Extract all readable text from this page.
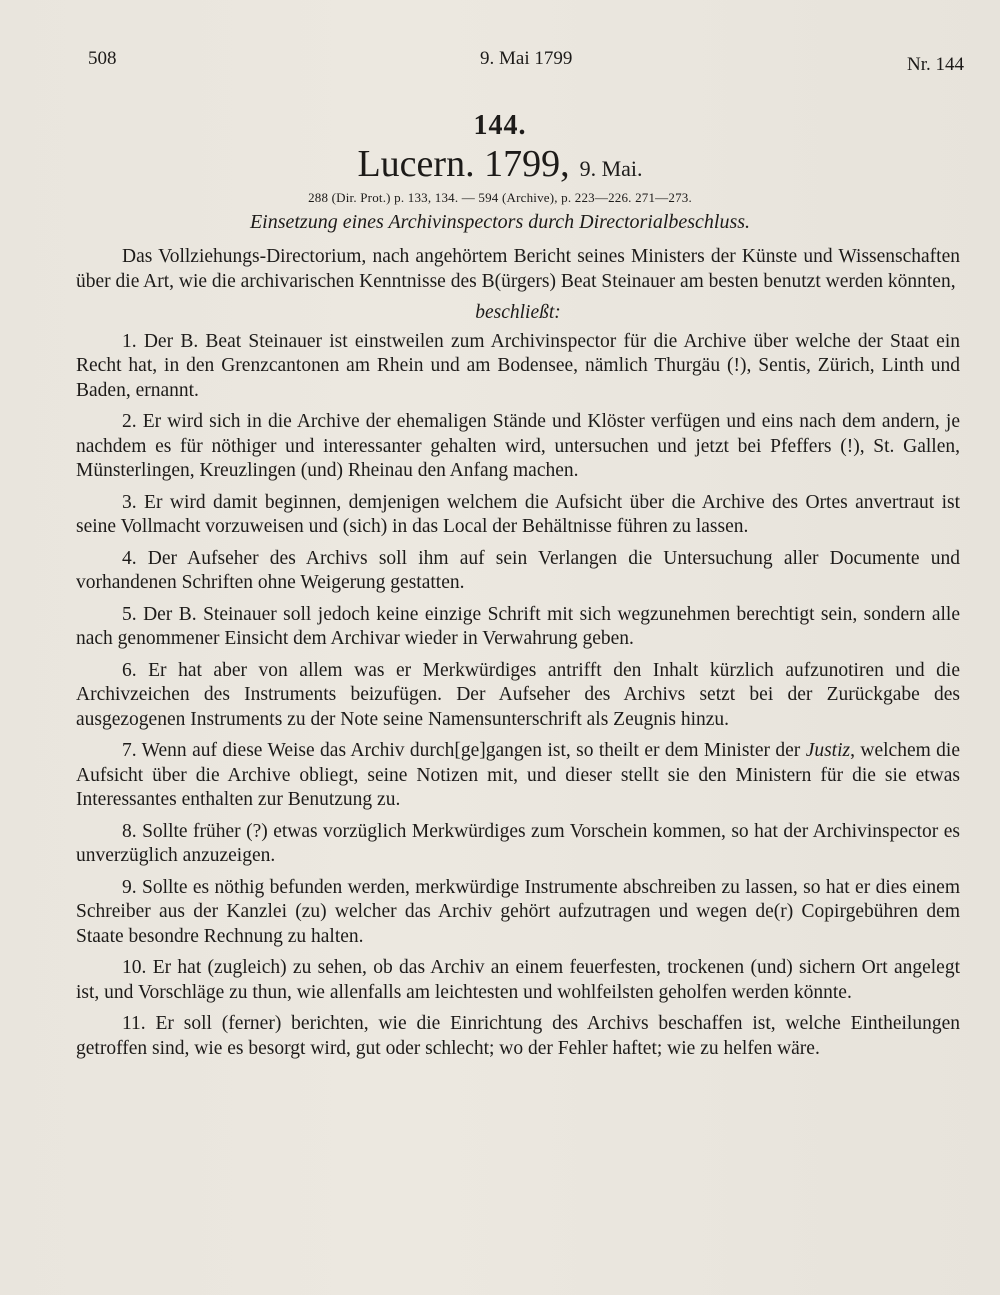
508	9. Mai 1799	Nr. 144
144.
Lucern. 1799, 9. Mai.
288 (Dir. Prot.) p. 133, 134. — 594 (Archive), p. 223—226. 271—273.
Einsetzung eines Archivinspectors durch Directorialbeschluss.

Das Vollziehungs-Directorium, nach angehörtem Bericht seines Ministers der Künste und Wissenschaften über die Art, wie die archivarischen Kenntnisse des B(ürgers) Beat Steinauer am besten benutzt werden könnten,

beschließt:

1. Der B. Beat Steinauer ist einstweilen zum Archivinspector für die Archive über welche der Staat ein Recht hat, in den Grenzcantonen am Rhein und am Bodensee, nämlich Thurgäu (!), Sentis, Zürich, Linth und Baden, ernannt.

2. Er wird sich in die Archive der ehemaligen Stände und Klöster verfügen und eins nach dem andern, je nachdem es für nöthiger und interessanter gehalten wird, untersuchen und jetzt bei Pfeffers (!), St. Gallen, Münsterlingen, Kreuzlingen (und) Rheinau den Anfang machen.

3. Er wird damit beginnen, demjenigen welchem die Aufsicht über die Archive des Ortes anvertraut ist seine Vollmacht vorzuweisen und (sich) in das Local der Behältnisse führen zu lassen.

4. Der Aufseher des Archivs soll ihm auf sein Verlangen die Untersuchung aller Documente und vorhandenen Schriften ohne Weigerung gestatten.

5. Der B. Steinauer soll jedoch keine einzige Schrift mit sich wegzunehmen berechtigt sein, sondern alle nach genommener Einsicht dem Archivar wieder in Verwahrung geben.

6. Er hat aber von allem was er Merkwürdiges antrifft den Inhalt kürzlich aufzunotiren und die Archivzeichen des Instruments beizufügen. Der Aufseher des Archivs setzt bei der Zurückgabe des ausgezogenen Instruments zu der Note seine Namensunterschrift als Zeugnis hinzu.

7. Wenn auf diese Weise das Archiv durch[ge]gangen ist, so theilt er dem Minister der Justiz, welchem die Aufsicht über die Archive obliegt, seine Notizen mit, und dieser stellt sie den Ministern für die sie etwas Interessantes enthalten zur Benutzung zu.

8. Sollte früher (?) etwas vorzüglich Merkwürdiges zum Vorschein kommen, so hat der Archivinspector es unverzüglich anzuzeigen.

9. Sollte es nöthig befunden werden, merkwürdige Instrumente abschreiben zu lassen, so hat er dies einem Schreiber aus der Kanzlei (zu) welcher das Archiv gehört aufzutragen und wegen de(r) Copirgebühren dem Staate besondre Rechnung zu halten.

10. Er hat (zugleich) zu sehen, ob das Archiv an einem feuerfesten, trockenen (und) sichern Ort angelegt ist, und Vorschläge zu thun, wie allenfalls am leichtesten und wohlfeilsten geholfen werden könnte.

11. Er soll (ferner) berichten, wie die Einrichtung des Archivs beschaffen ist, welche Eintheilungen getroffen sind, wie es besorgt wird, gut oder schlecht; wo der Fehler haftet; wie zu helfen wäre.
